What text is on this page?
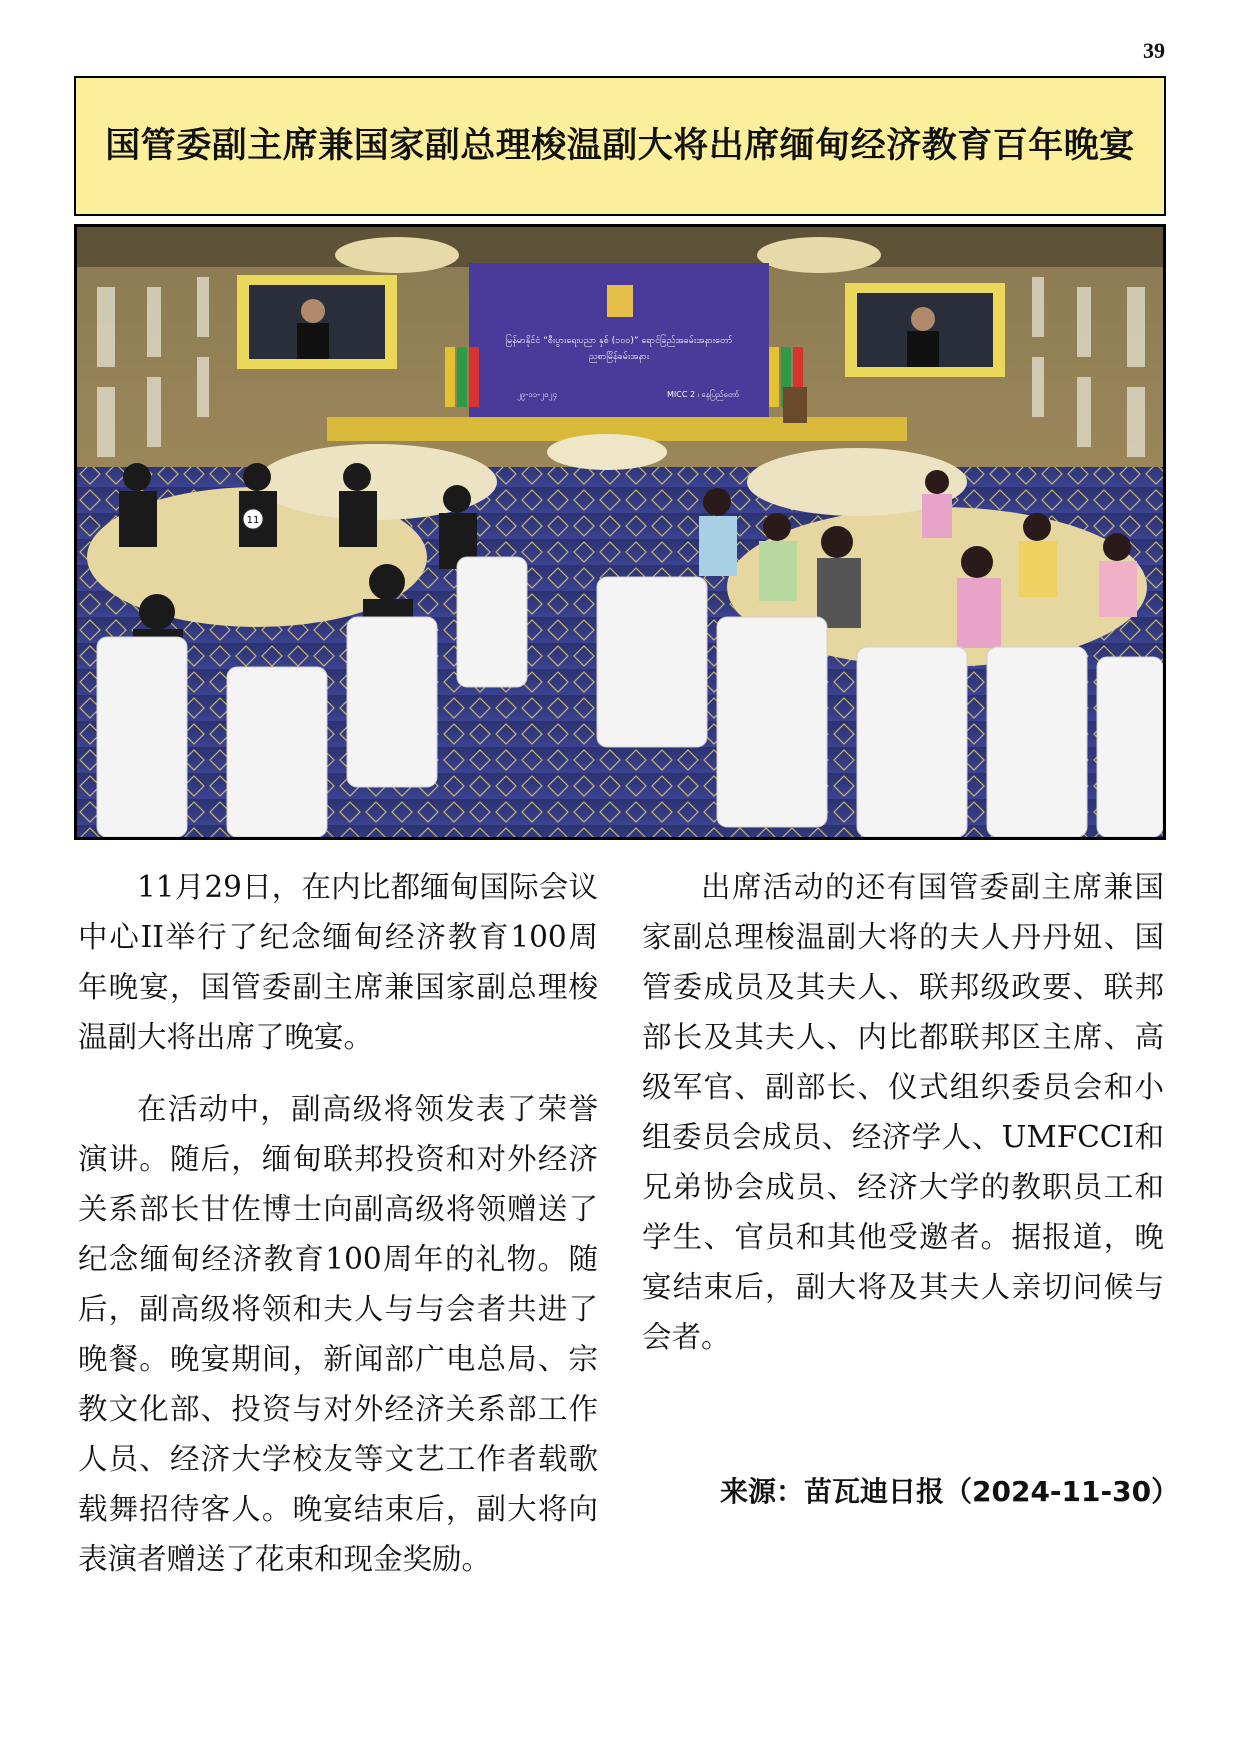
39
国管委副主席兼国家副总理梭温副大将出席缅甸经济教育百年晚宴
မြန်မာနိုင်ငံ “စီးပွားရေးပညာ နှစ် (၁၀၀)” ရောင်ခြည်အခမ်းအနားတော်
ညစာမြိန်ခမ်းအနား
၂၉-၁၁-၂၀၂၄	MICC 2 ၊ နေပြည်တော်
11

11月29日，在内比都缅甸国际会议中心II举行了纪念缅甸经济教育100周年晚宴，国管委副主席兼国家副总理梭温副大将出席了晚宴。

在活动中，副高级将领发表了荣誉演讲。随后，缅甸联邦投资和对外经济关系部长甘佐博士向副高级将领赠送了纪念缅甸经济教育100周年的礼物。随后，副高级将领和夫人与与会者共进了晚餐。晚宴期间，新闻部广电总局、宗教文化部、投资与对外经济关系部工作人员、经济大学校友等文艺工作者载歌载舞招待客人。晚宴结束后，副大将向表演者赠送了花束和现金奖励。

出席活动的还有国管委副主席兼国家副总理梭温副大将的夫人丹丹妞、国管委成员及其夫人、联邦级政要、联邦部长及其夫人、内比都联邦区主席、高级军官、副部长、仪式组织委员会和小组委员会成员、经济学人、UMFCCI和兄弟协会成员、经济大学的教职员工和学生、官员和其他受邀者。据报道，晚宴结束后，副大将及其夫人亲切问候与会者。

来源：苗瓦迪日报（2024-11-30）
